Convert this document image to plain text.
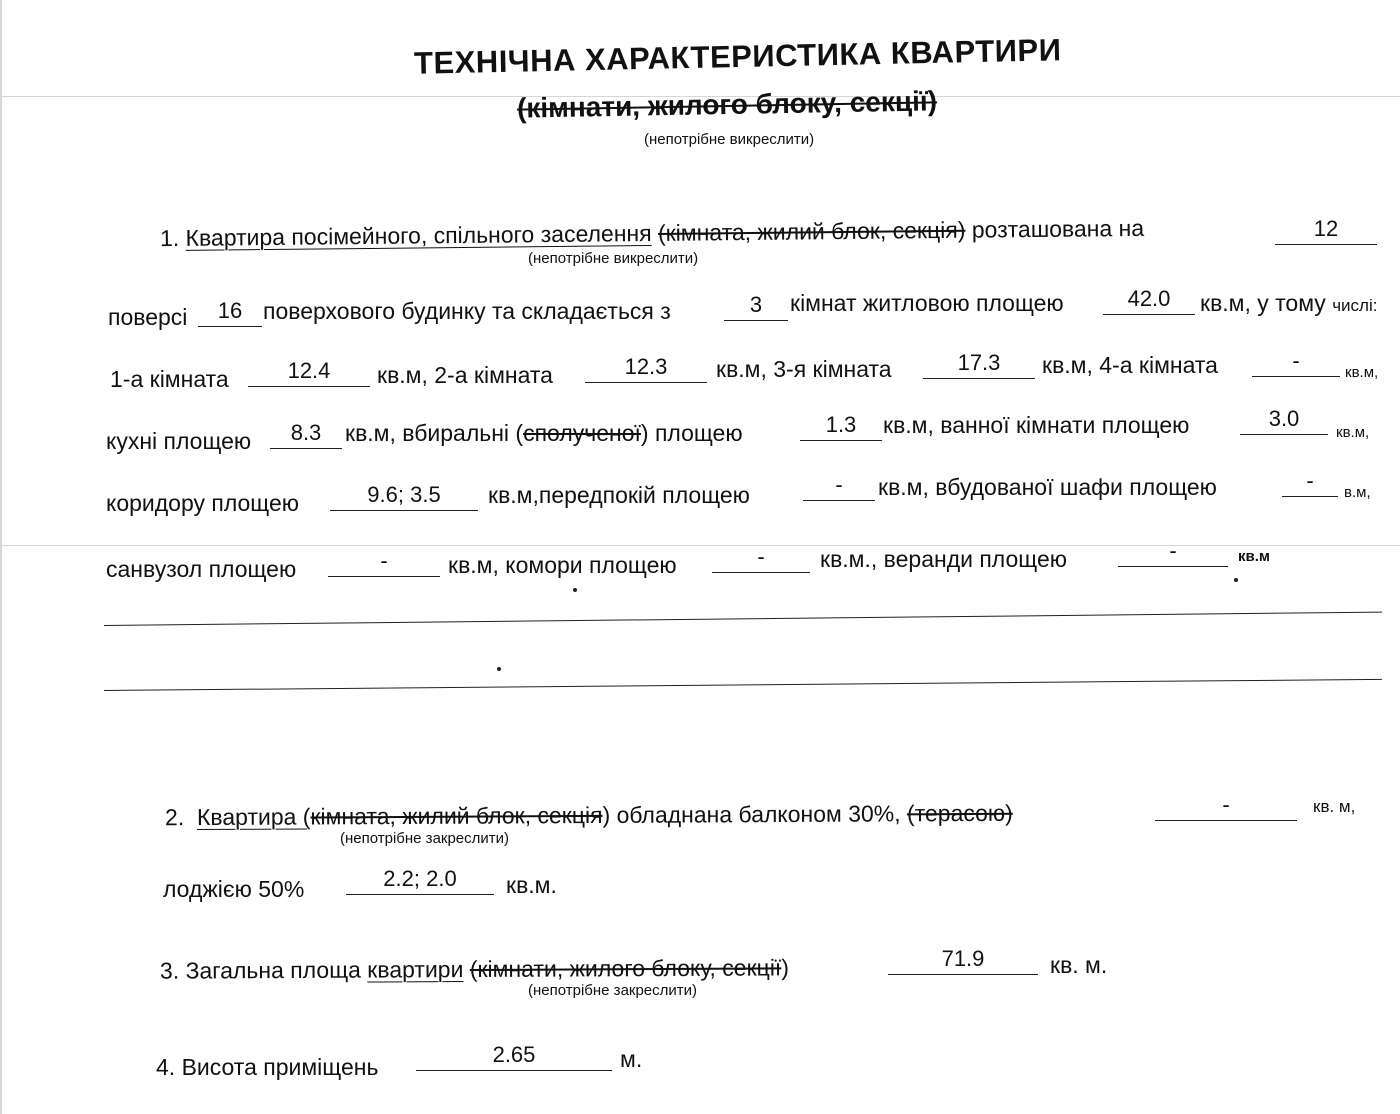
ТЕХНІЧНА ХАРАКТЕРИСТИКА КВАРТИРИ
(кімнати, жилого блоку, секції)
(непотрібне викреслити)
1. Квартира посімейного, спільного заселення (кімната, жилий блок, секція) розташована на	12
(непотрібне викреслити)
поверсі	16 поверхового будинку та складається з	3	кімнат житловою площею	42.0	кв.м, у тому числі:
1-а кімната	12.4	кв.м, 2-а кімната	12.3	кв.м, 3-я кімната	17.3	кв.м, 4-а кімната	-	кв.м,
кухні площею	8.3	кв.м, вбиральні (сполученої) площею	1.3	кв.м, ванної кімнати площею	3.0
кв.м,
коридору площею	9.6; 3.5	кв.м,передпокій площею	-	кв.м, вбудованої шафи площею	-	в.м,
санвузол площею	-	кв.м, комори площею	-	кв.м., веранди площею	-	кв.м
2. Квартира (кімната, жилий блок, секція) обладнана балконом 30%, (терасою)	-	кв. м,
(непотрібне закреслити)
лоджією 50%	2.2; 2.0	кв.м.
3. Загальна площа квартири (кімнати, жилого блоку, секції)	71.9	кв. м.
(непотрібне закреслити)
4. Висота приміщень	2.65	м.
